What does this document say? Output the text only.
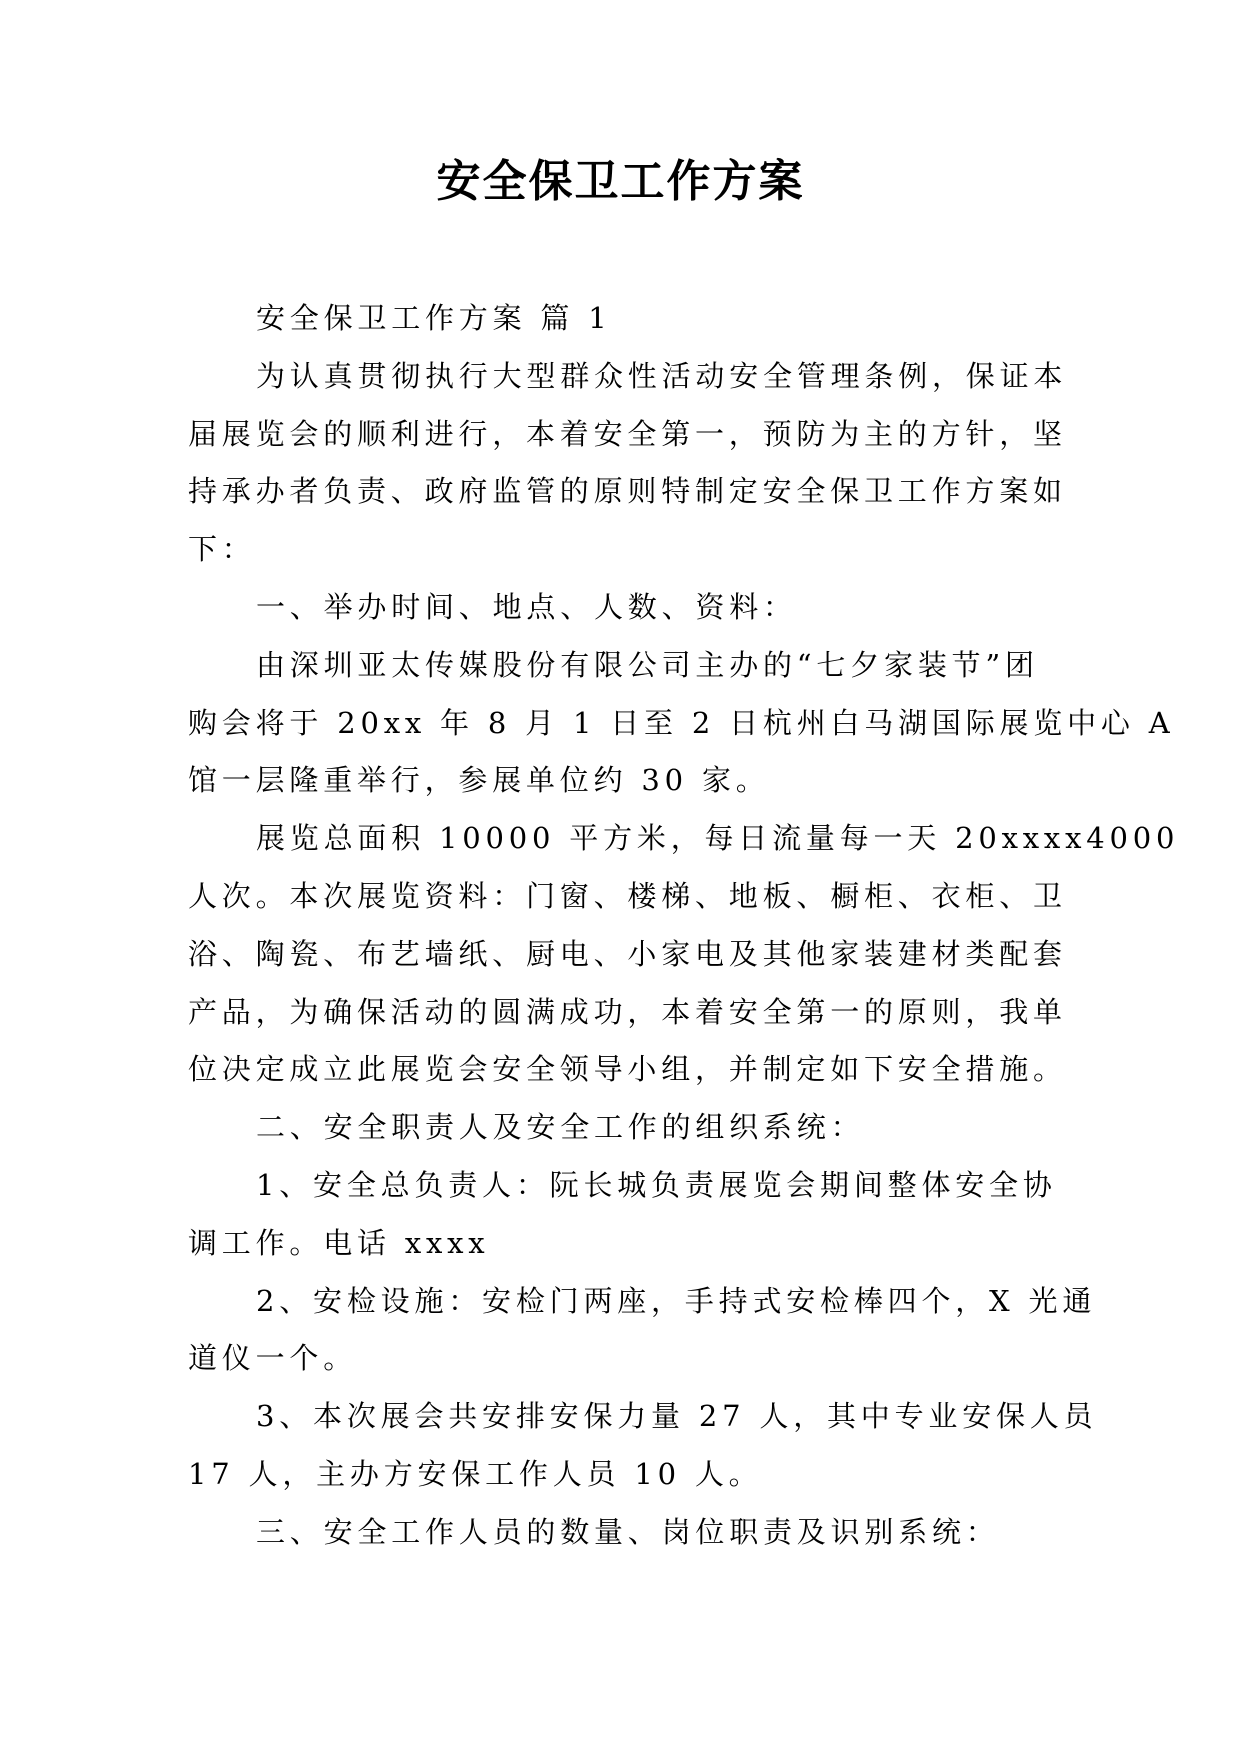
安全保卫工作方案
安全保卫工作方案 篇 1
为认真贯彻执行大型群众性活动安全管理条例，保证本
届展览会的顺利进行，本着安全第一，预防为主的方针，坚
持承办者负责、政府监管的原则特制定安全保卫工作方案如
下：
一、举办时间、地点、人数、资料：
由深圳亚太传媒股份有限公司主办的“七夕家装节”团
购会将于 20xx 年 8 月 1 日至 2 日杭州白马湖国际展览中心 A
馆一层隆重举行，参展单位约 30 家。
展览总面积 10000 平方米，每日流量每一天 20xxxx4000
人次。本次展览资料：门窗、楼梯、地板、橱柜、衣柜、卫
浴、陶瓷、布艺墙纸、厨电、小家电及其他家装建材类配套
产品，为确保活动的圆满成功，本着安全第一的原则，我单
位决定成立此展览会安全领导小组，并制定如下安全措施。
二、安全职责人及安全工作的组织系统：
1、安全总负责人：阮长城负责展览会期间整体安全协
调工作。电话 xxxx
2、安检设施：安检门两座，手持式安检棒四个，X 光通
道仪一个。
3、本次展会共安排安保力量 27 人，其中专业安保人员
17 人，主办方安保工作人员 10 人。
三、安全工作人员的数量、岗位职责及识别系统：
